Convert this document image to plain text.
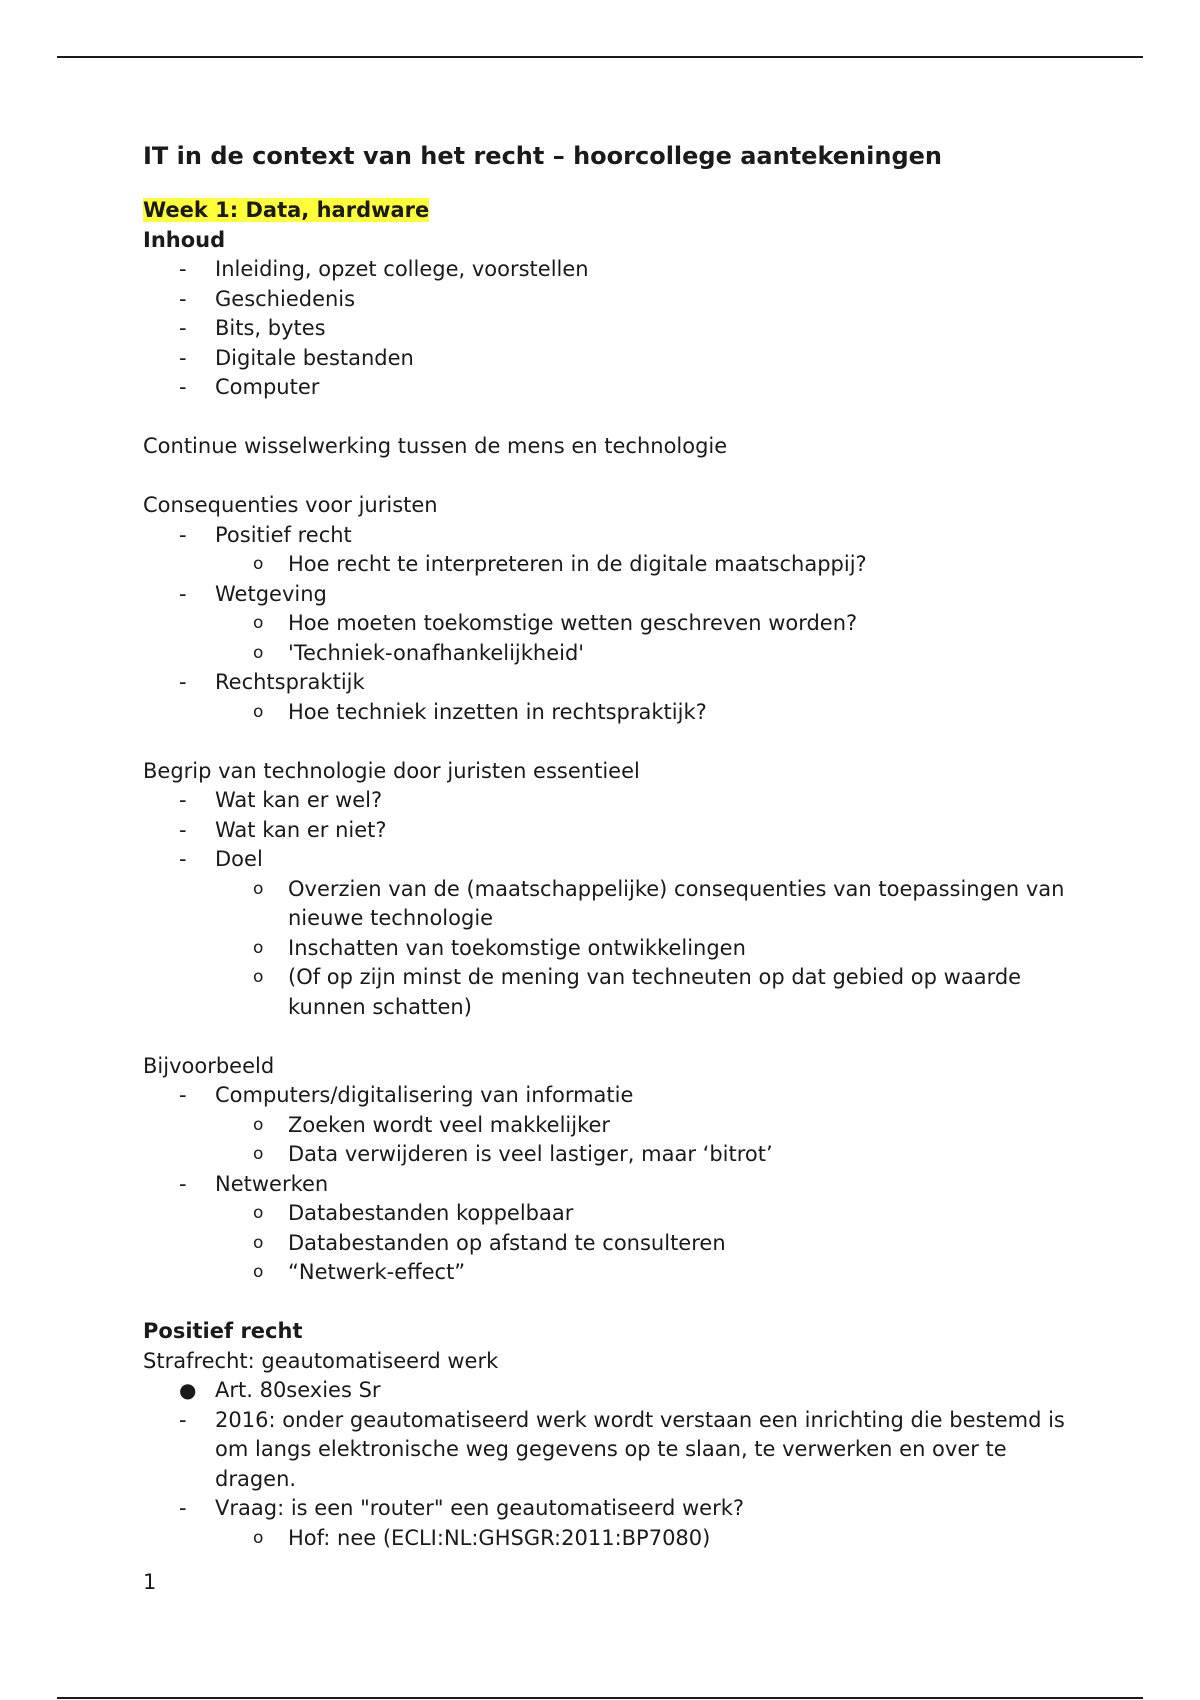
IT in de context van het recht – hoorcollege aantekeningen

Week 1: Data, hardware

Inhoud

- Inleiding, opzet college, voorstellen
- Geschiedenis
- Bits, bytes
- Digitale bestanden
- Computer

Continue wisselwerking tussen de mens en technologie

Consequenties voor juristen

- Positief recht
o Hoe recht te interpreteren in de digitale maatschappij?
- Wetgeving
o Hoe moeten toekomstige wetten geschreven worden?
o 'Techniek-onafhankelijkheid'
- Rechtspraktijk
o Hoe techniek inzetten in rechtspraktijk?

Begrip van technologie door juristen essentieel

- Wat kan er wel?
- Wat kan er niet?
- Doel
o Overzien van de (maatschappelijke) consequenties van toepassingen van nieuwe technologie
o Inschatten van toekomstige ontwikkelingen
o (Of op zijn minst de mening van techneuten op dat gebied op waarde kunnen schatten)

Bijvoorbeeld

- Computers/digitalisering van informatie
o Zoeken wordt veel makkelijker
o Data verwijderen is veel lastiger, maar ‘bitrot’
- Netwerken
o Databestanden koppelbaar
o Databestanden op afstand te consulteren
o “Netwerk-effect”

Positief recht

Strafrecht: geautomatiseerd werk

● Art. 80sexies Sr
- 2016: onder geautomatiseerd werk wordt verstaan een inrichting die bestemd is om langs elektronische weg gegevens op te slaan, te verwerken en over te dragen.
- Vraag: is een "router" een geautomatiseerd werk?
o Hof: nee (ECLI:NL:GHSGR:2011:BP7080)
1
